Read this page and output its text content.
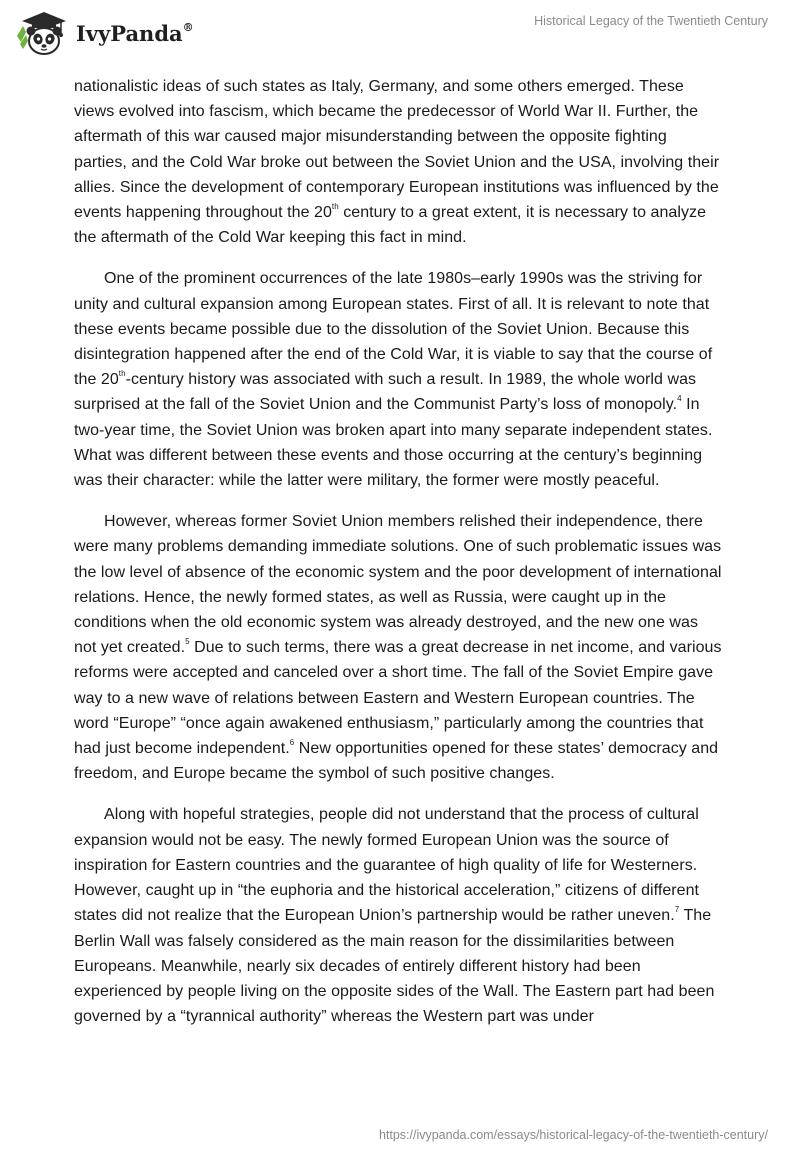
IvyPanda®	Historical Legacy of the Twentieth Century

nationalistic ideas of such states as Italy, Germany, and some others emerged. These views evolved into fascism, which became the predecessor of World War II. Further, the aftermath of this war caused major misunderstanding between the opposite fighting parties, and the Cold War broke out between the Soviet Union and the USA, involving their allies. Since the development of contemporary European institutions was influenced by the events happening throughout the 20th century to a great extent, it is necessary to analyze the aftermath of the Cold War keeping this fact in mind.

One of the prominent occurrences of the late 1980s–early 1990s was the striving for unity and cultural expansion among European states. First of all. It is relevant to note that these events became possible due to the dissolution of the Soviet Union. Because this disintegration happened after the end of the Cold War, it is viable to say that the course of the 20th-century history was associated with such a result. In 1989, the whole world was surprised at the fall of the Soviet Union and the Communist Party’s loss of monopoly.$^4$ In two-year time, the Soviet Union was broken apart into many separate independent states. What was different between these events and those occurring at the century’s beginning was their character: while the latter were military, the former were mostly peaceful.

However, whereas former Soviet Union members relished their independence, there were many problems demanding immediate solutions. One of such problematic issues was the low level of absence of the economic system and the poor development of international relations. Hence, the newly formed states, as well as Russia, were caught up in the conditions when the old economic system was already destroyed, and the new one was not yet created.$^5$ Due to such terms, there was a great decrease in net income, and various reforms were accepted and canceled over a short time. The fall of the Soviet Empire gave way to a new wave of relations between Eastern and Western European countries. The word “Europe” “once again awakened enthusiasm,” particularly among the countries that had just become independent.$^6$ New opportunities opened for these states’ democracy and freedom, and Europe became the symbol of such positive changes.

Along with hopeful strategies, people did not understand that the process of cultural expansion would not be easy. The newly formed European Union was the source of inspiration for Eastern countries and the guarantee of high quality of life for Westerners. However, caught up in “the euphoria and the historical acceleration,” citizens of different states did not realize that the European Union’s partnership would be rather uneven.$^7$ The Berlin Wall was falsely considered as the main reason for the dissimilarities between Europeans. Meanwhile, nearly six decades of entirely different history had been experienced by people living on the opposite sides of the Wall. The Eastern part had been governed by a “tyrannical authority” whereas the Western part was under

https://ivypanda.com/essays/historical-legacy-of-the-twentieth-century/
